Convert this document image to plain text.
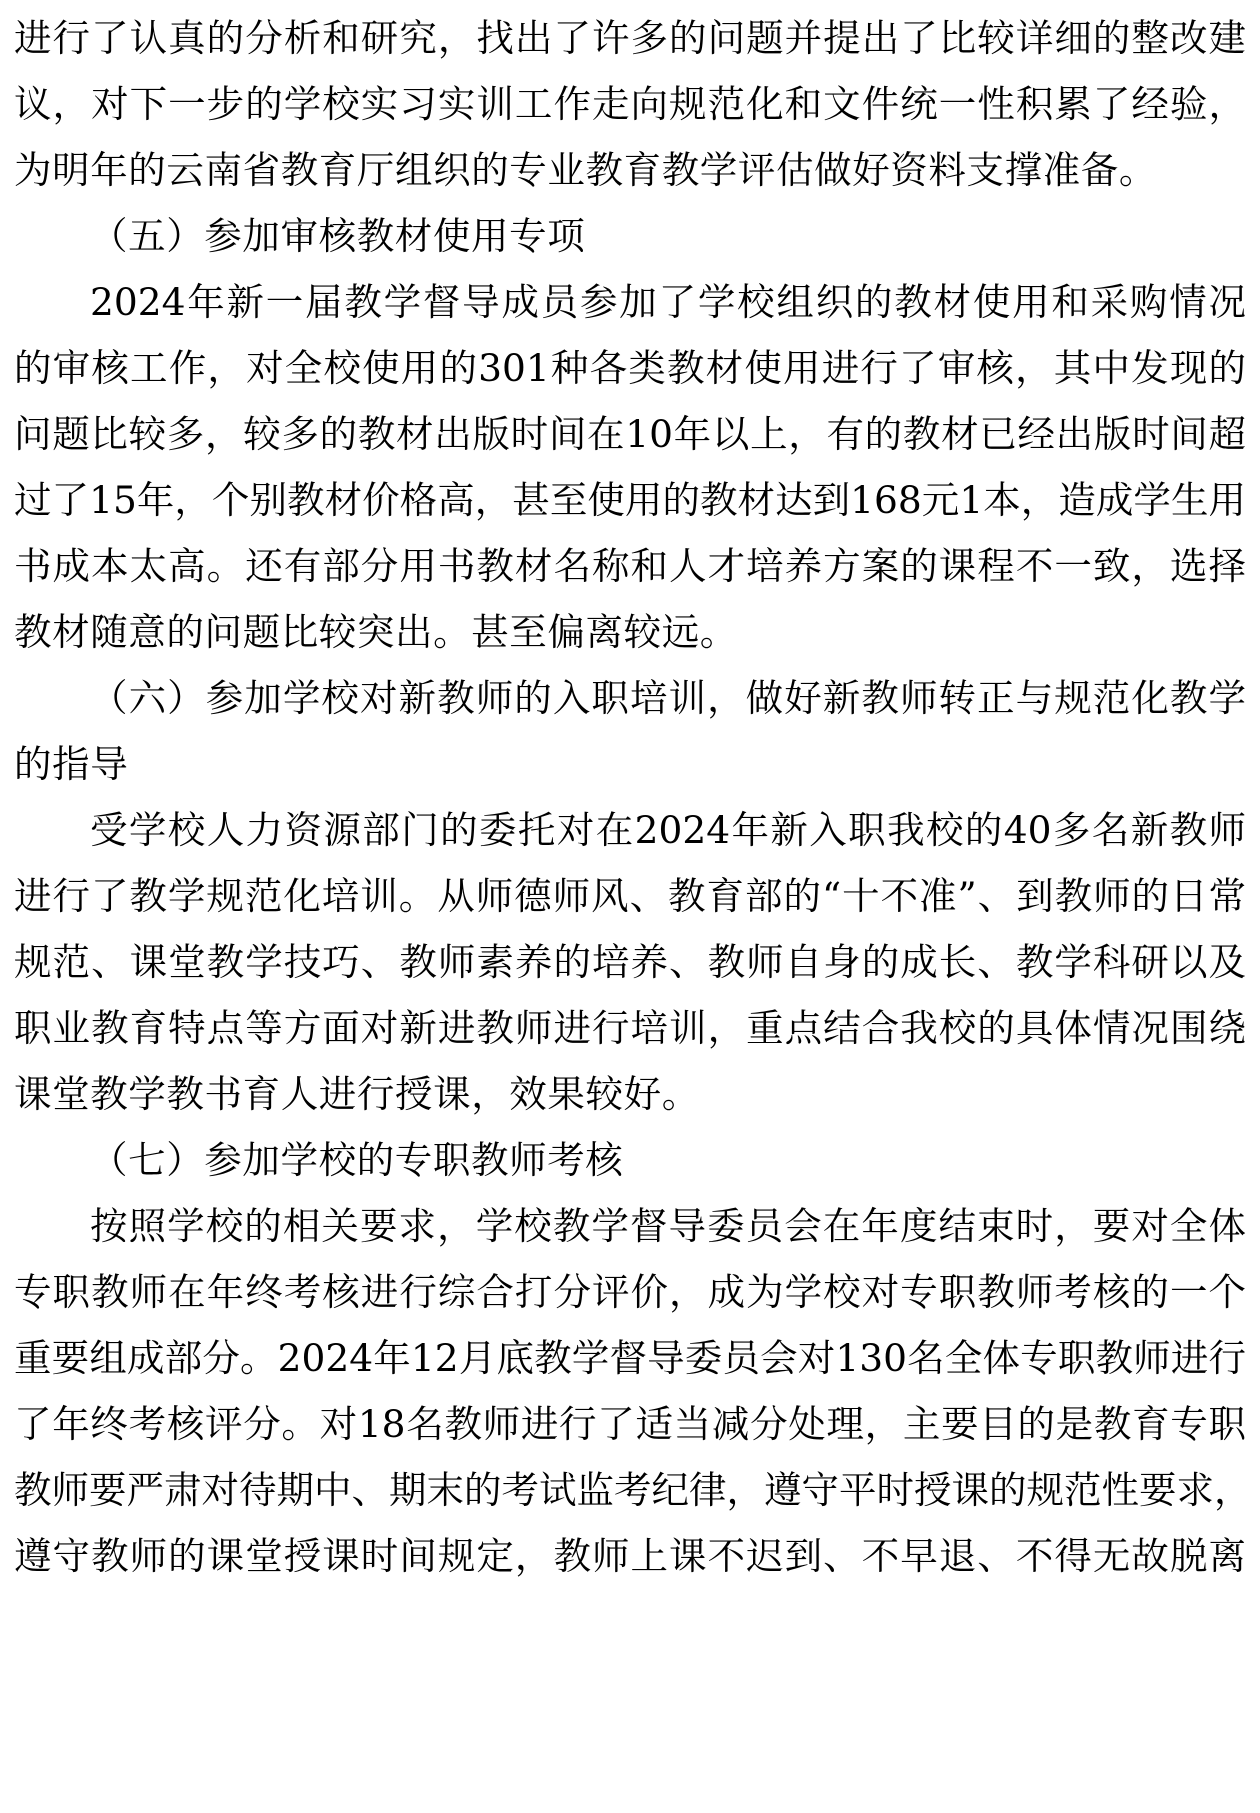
进行了认真的分析和研究，找出了许多的问题并提出了比较详细的整改建
议，对下一步的学校实习实训工作走向规范化和文件统一性积累了经验，
为明年的云南省教育厅组织的专业教育教学评估做好资料支撑准备。
（五）参加审核教材使用专项
2024年新一届教学督导成员参加了学校组织的教材使用和采购情况
的审核工作，对全校使用的301种各类教材使用进行了审核，其中发现的
问题比较多，较多的教材出版时间在10年以上，有的教材已经出版时间超
过了15年，个别教材价格高，甚至使用的教材达到168元1本，造成学生用
书成本太高。还有部分用书教材名称和人才培养方案的课程不一致，选择
教材随意的问题比较突出。甚至偏离较远。
（六）参加学校对新教师的入职培训，做好新教师转正与规范化教学
的指导
受学校人力资源部门的委托对在2024年新入职我校的40多名新教师
进行了教学规范化培训。从师德师风、教育部的“十不准”、到教师的日常
规范、课堂教学技巧、教师素养的培养、教师自身的成长、教学科研以及
职业教育特点等方面对新进教师进行培训，重点结合我校的具体情况围绕
课堂教学教书育人进行授课，效果较好。
（七）参加学校的专职教师考核
按照学校的相关要求，学校教学督导委员会在年度结束时，要对全体
专职教师在年终考核进行综合打分评价，成为学校对专职教师考核的一个
重要组成部分。2024年12月底教学督导委员会对130名全体专职教师进行
了年终考核评分。对18名教师进行了适当减分处理，主要目的是教育专职
教师要严肃对待期中、期末的考试监考纪律，遵守平时授课的规范性要求，
遵守教师的课堂授课时间规定，教师上课不迟到、不早退、不得无故脱离
